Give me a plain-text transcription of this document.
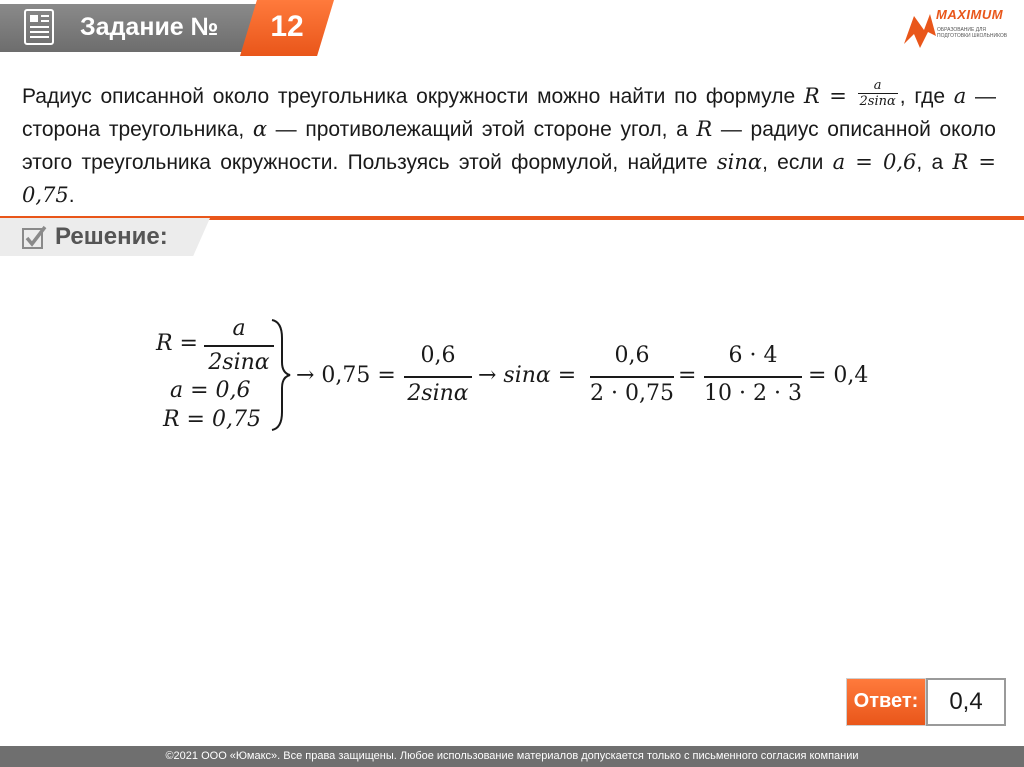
Задание №	12	MAXIMUM
ОБРАЗОВАНИЕ ДЛЯ ПОДГОТОВКИ ШКОЛЬНИКОВ
Радиус описанной около треугольника окружности можно найти по формуле $R = \frac{a}{2\sin\alpha}$ , где a —сторона треугольника, α — противолежащий этой стороне угол, а R — радиус описанной около этого треугольника окружности. Пользуясь этой формулой, найдите sinα, если a = 0,6, а R = 0,75.
Решение:
R =
a
2sinα
a = 0,6
R = 0,75
→ 0,75 =
0,6
2sinα
→ sinα =
0,6
2 · 0,75
=
6 · 4
10 · 2 · 3
= 0,4
Ответ:	0,4
©2021 ООО «Юмакс». Все права защищены. Любое использование материалов допускается только с письменного согласия компании
